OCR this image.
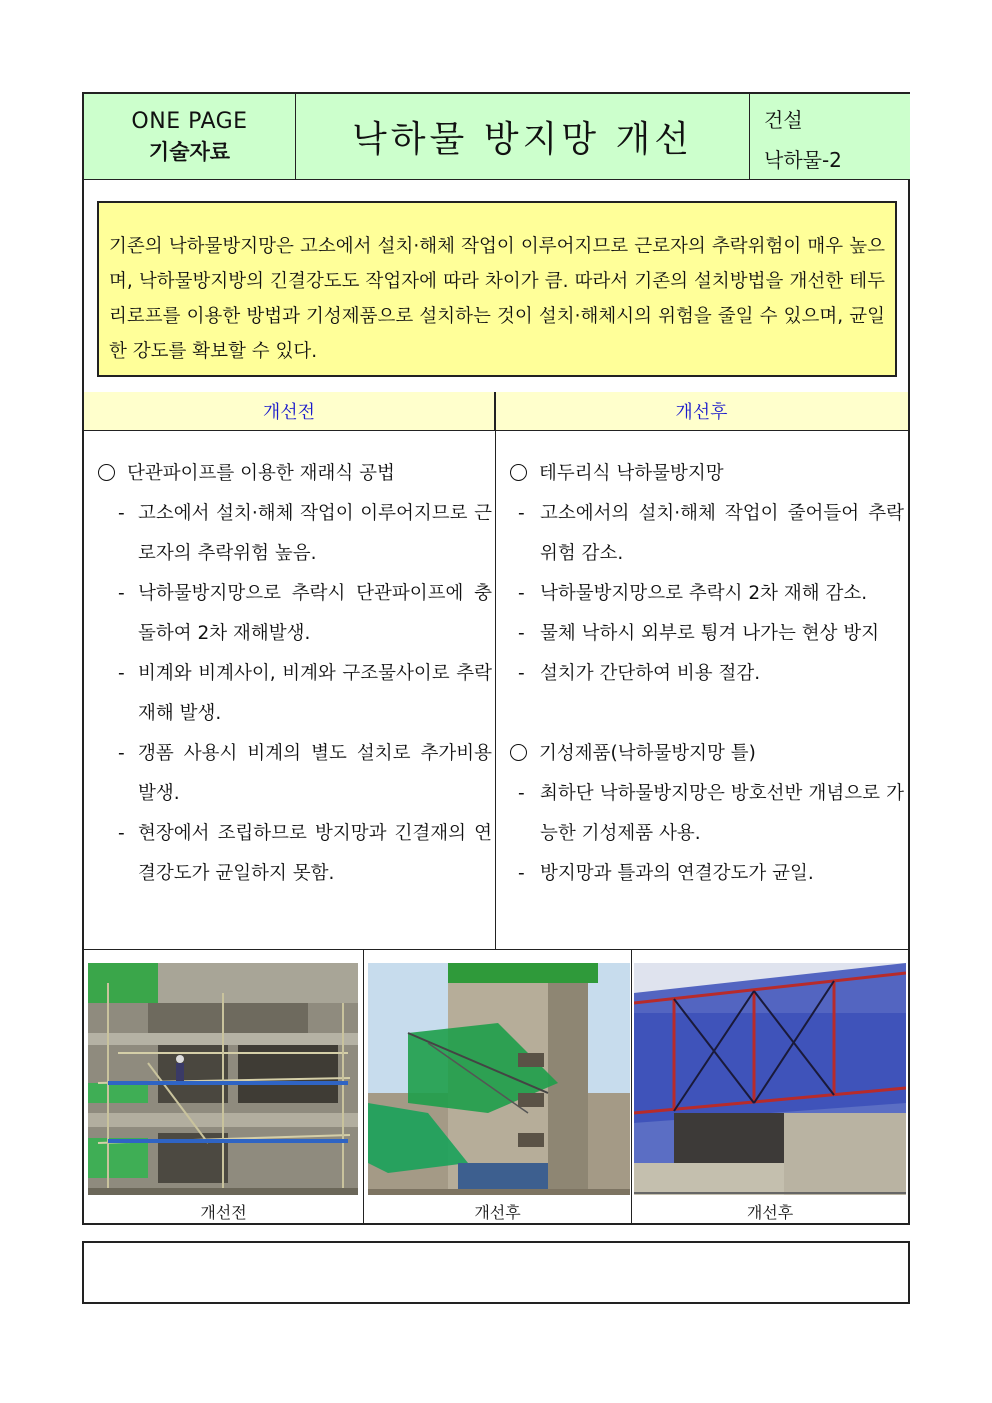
ONE PAGE
기술자료	낙하물 방지망 개선	건설
낙하물-2
기존의 낙하물방지망은 고소에서 설치·해체 작업이 이루어지므로 근로자의 추락위험이 매우 높으며, 낙하물방지방의 긴결강도도 작업자에 따라 차이가 큼. 따라서 기존의 설치방법을 개선한 테두리로프를 이용한 방법과 기성제품으로 설치하는 것이 설치·해체시의 위험을 줄일 수 있으며, 균일한 강도를 확보할 수 있다.
개선전	개선후
단관파이프를 이용한 재래식 공법
- 고소에서 설치·해체 작업이 이루어지므로 근로자의 추락위험 높음.
- 낙하물방지망으로 추락시 단관파이프에 충돌하여 2차 재해발생.
- 비계와 비계사이, 비계와 구조물사이로 추락 재해 발생.
- 갱폼 사용시 비계의 별도 설치로 추가비용 발생.
- 현장에서 조립하므로 방지망과 긴결재의 연결강도가 균일하지 못함.
테두리식 낙하물방지망
- 고소에서의 설치·해체 작업이 줄어들어 추락위험 감소.
- 낙하물방지망으로 추락시 2차 재해 감소.
- 물체 낙하시 외부로 튕겨 나가는 현상 방지
- 설치가 간단하여 비용 절감.
기성제품(낙하물방지망 틀)
- 최하단 낙하물방지망은 방호선반 개념으로 가능한 기성제품 사용.
- 방지망과 틀과의 연결강도가 균일.
개선전	개선후	개선후
